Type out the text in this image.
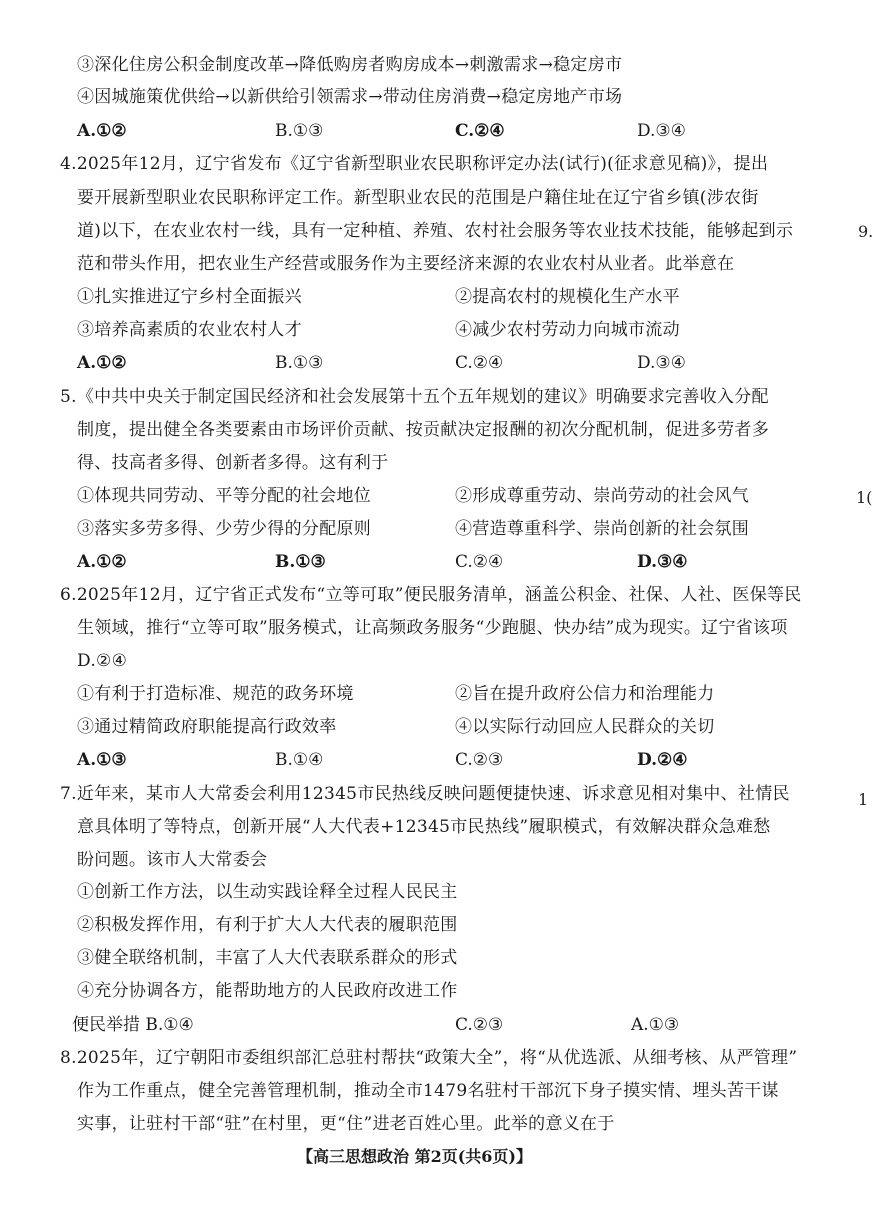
③深化住房公积金制度改革→降低购房者购房成本→刺激需求→稳定房市
④因城施策优供给→以新供给引领需求→带动住房消费→稳定房地产市场
A.①②	B.①③	C.②④	D.③④
4.2025年12月，辽宁省发布《辽宁省新型职业农民职称评定办法(试行)(征求意见稿)》，提出
要开展新型职业农民职称评定工作。新型职业农民的范围是户籍住址在辽宁省乡镇(涉农街
道)以下，在农业农村一线，具有一定种植、养殖、农村社会服务等农业技术技能，能够起到示
范和带头作用，把农业生产经营或服务作为主要经济来源的农业农村从业者。此举意在
①扎实推进辽宁乡村全面振兴	②提高农村的规模化生产水平
③培养高素质的农业农村人才	④减少农村劳动力向城市流动
A.①②	B.①③	C.②④	D.③④
5.《中共中央关于制定国民经济和社会发展第十五个五年规划的建议》明确要求完善收入分配
制度，提出健全各类要素由市场评价贡献、按贡献决定报酬的初次分配机制，促进多劳者多
得、技高者多得、创新者多得。这有利于
①体现共同劳动、平等分配的社会地位	②形成尊重劳动、崇尚劳动的社会风气
③落实多劳多得、少劳少得的分配原则	④营造尊重科学、崇尚创新的社会氛围
A.①②	B.①③	C.②④	D.③④
6.2025年12月，辽宁省正式发布“立等可取”便民服务清单，涵盖公积金、社保、人社、医保等民
生领域，推行“立等可取”服务模式，让高频政务服务“少跑腿、快办结”成为现实。辽宁省该项
D.②④
①有利于打造标准、规范的政务环境	②旨在提升政府公信力和治理能力
③通过精简政府职能提高行政效率	④以实际行动回应人民群众的关切
A.①③	B.①④	C.②③	D.②④
7.近年来，某市人大常委会利用12345市民热线反映问题便捷快速、诉求意见相对集中、社情民
意具体明了等特点，创新开展“人大代表+12345市民热线”履职模式，有效解决群众急难愁
盼问题。该市人大常委会
①创新工作方法，以生动实践诠释全过程人民民主
②积极发挥作用，有利于扩大人大代表的履职范围
③健全联络机制，丰富了人大代表联系群众的形式
④充分协调各方，能帮助地方的人民政府改进工作
便民举措 B.①④	C.②③	A.①③
8.2025年，辽宁朝阳市委组织部汇总驻村帮扶“政策大全”，将“从优选派、从细考核、从严管理”
作为工作重点，健全完善管理机制，推动全市1479名驻村干部沉下身子摸实情、埋头苦干谋
实事，让驻村干部“驻”在村里，更“住”进老百姓心里。此举的意义在于
9.
1(
1
【高三思想政治 第2页(共6页)】
